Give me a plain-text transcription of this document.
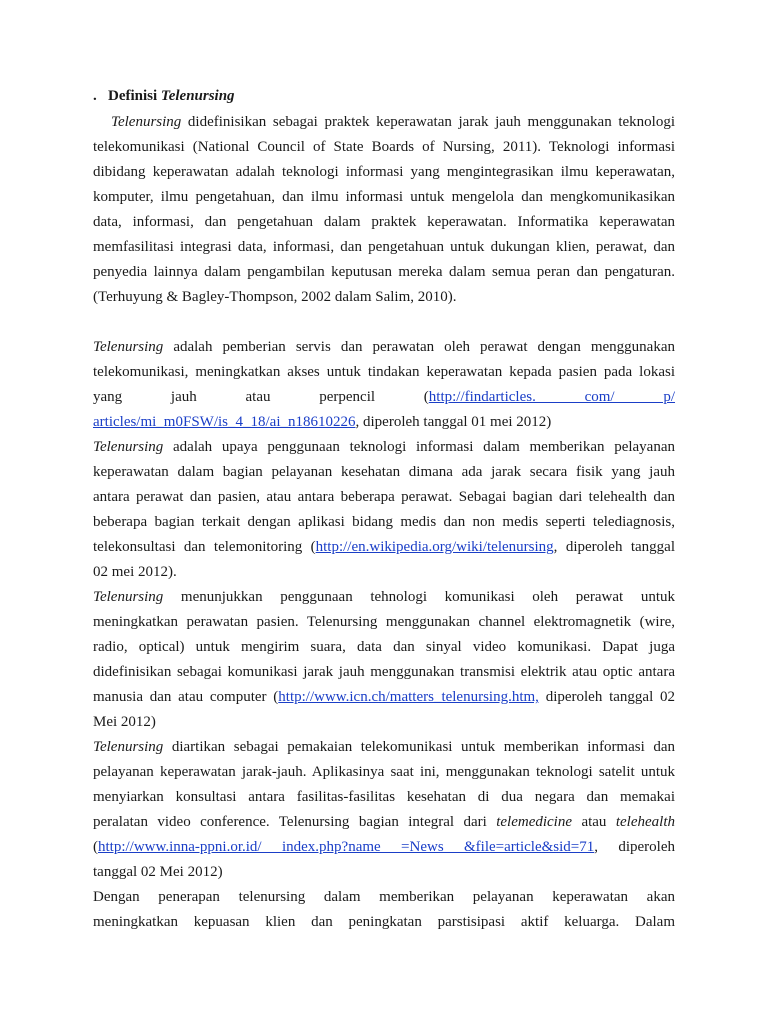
. Definisi Telenursing
Telenursing didefinisikan sebagai praktek keperawatan jarak jauh menggunakan teknologi
telekomunikasi (National Council of State Boards of Nursing, 2011). Teknologi informasi
dibidang keperawatan adalah teknologi informasi yang mengintegrasikan ilmu keperawatan,
komputer, ilmu pengetahuan, dan ilmu informasi untuk mengelola dan mengkomunikasikan
data, informasi, dan pengetahuan dalam praktek keperawatan. Informatika keperawatan
memfasilitasi integrasi data, informasi, dan pengetahuan untuk dukungan klien, perawat, dan
penyedia lainnya dalam pengambilan keputusan mereka dalam semua peran dan pengaturan.
(Terhuyung & Bagley-Thompson, 2002 dalam Salim, 2010).
Telenursing adalah pemberian servis dan perawatan oleh perawat dengan menggunakan
telekomunikasi, meningkatkan akses untuk tindakan keperawatan kepada pasien pada lokasi
yang jauh atau perpencil (http://findarticles. com/ p/
articles/mi_m0FSW/is_4_18/ai_n18610226, diperoleh tanggal 01 mei 2012)
Telenursing adalah upaya penggunaan teknologi informasi dalam memberikan pelayanan
keperawatan dalam bagian pelayanan kesehatan dimana ada jarak secara fisik yang jauh
antara perawat dan pasien, atau antara beberapa perawat. Sebagai bagian dari telehealth dan
beberapa bagian terkait dengan aplikasi bidang medis dan non medis seperti telediagnosis,
telekonsultasi dan telemonitoring (http://en.wikipedia.org/wiki/telenursing, diperoleh tanggal
02 mei 2012).
Telenursing menunjukkan penggunaan tehnologi komunikasi oleh perawat untuk
meningkatkan perawatan pasien. Telenursing menggunakan channel elektromagnetik (wire,
radio, optical) untuk mengirim suara, data dan sinyal video komunikasi. Dapat juga
didefinisikan sebagai komunikasi jarak jauh menggunakan transmisi elektrik atau optic antara
manusia dan atau computer (http://www.icn.ch/matters_telenursing.htm, diperoleh tanggal 02
Mei 2012)
Telenursing diartikan sebagai pemakaian telekomunikasi untuk memberikan informasi dan
pelayanan keperawatan jarak-jauh. Aplikasinya saat ini, menggunakan teknologi satelit untuk
menyiarkan konsultasi antara fasilitas-fasilitas kesehatan di dua negara dan memakai
peralatan video conference. Telenursing bagian integral dari telemedicine atau telehealth
(http://www.inna-ppni.or.id/ index.php?name =News &file=article&sid=71, diperoleh
tanggal 02 Mei 2012)
Dengan penerapan telenursing dalam memberikan pelayanan keperawatan akan
meningkatkan kepuasan klien dan peningkatan parstisipasi aktif keluarga. Dalam
